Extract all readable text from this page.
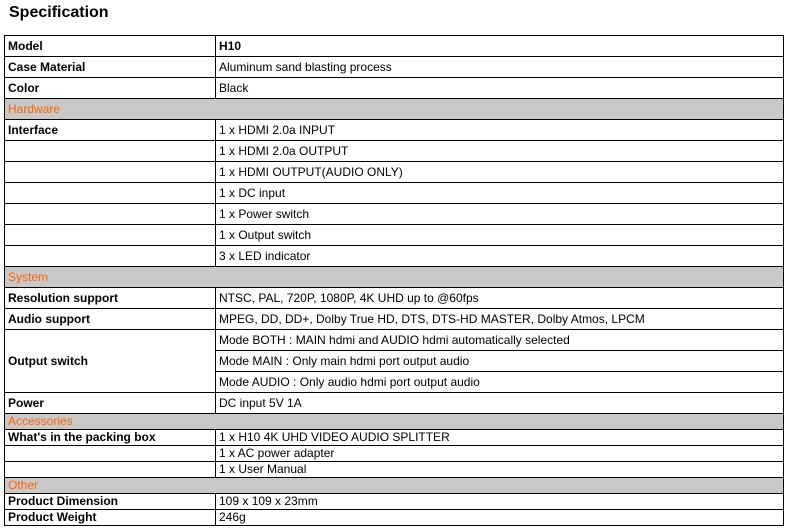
Specification
Model	H10
Case Material	Aluminum sand blasting process
Color	Black
Hardware	
Interface	1 x HDMI 2.0a INPUT
	1 x HDMI 2.0a OUTPUT
	1 x HDMI OUTPUT(AUDIO ONLY)
	1 x DC input
	1 x Power switch
	1 x Output switch
	3 x LED indicator
System	
Resolution support	NTSC, PAL, 720P, 1080P, 4K UHD up to @60fps
Audio support	MPEG, DD, DD+, Dolby True HD, DTS, DTS-HD MASTER, Dolby Atmos, LPCM
Output switch	Mode BOTH : MAIN hdmi and AUDIO hdmi automatically selected
	Mode MAIN : Only main hdmi port output audio
	Mode AUDIO : Only audio hdmi port output audio
Power	DC input 5V 1A
Accessories	
What's in the packing box	1 x H10 4K UHD VIDEO AUDIO SPLITTER
	1 x AC power adapter
	1 x User Manual
Other	
Product Dimension	109 x 109 x 23mm
Product Weight	246g
